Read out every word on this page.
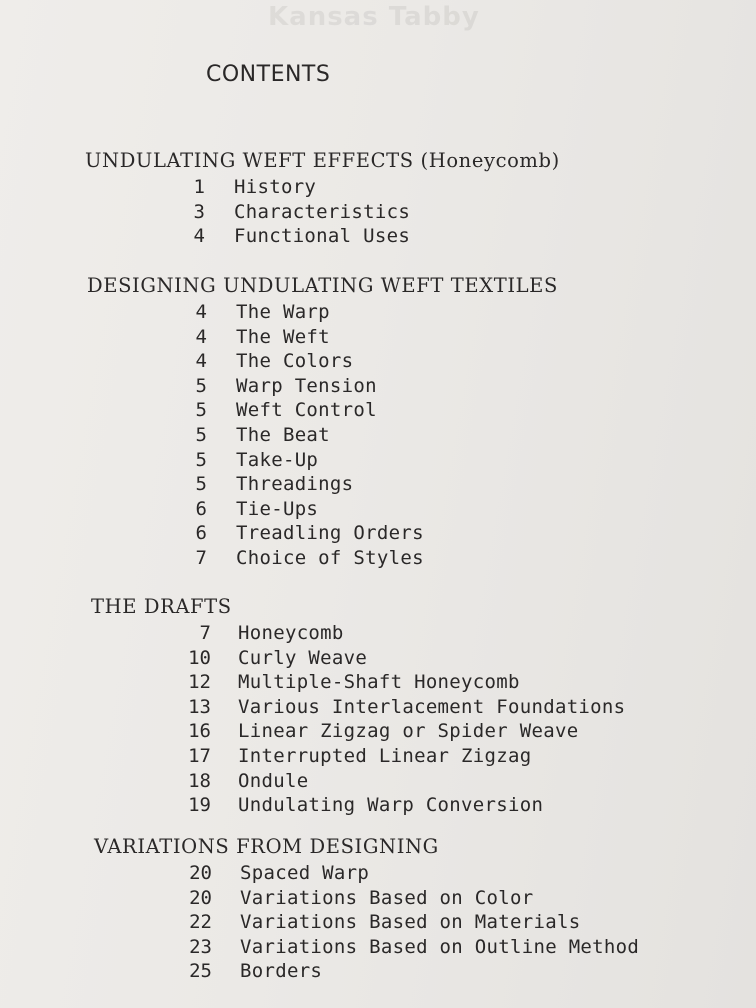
Kansas Tabby
CONTENTS
UNDULATING WEFT EFFECTS (Honeycomb)
1 History
3 Characteristics
4 Functional Uses
DESIGNING UNDULATING WEFT TEXTILES
4 The Warp
4 The Weft
4 The Colors
5 Warp Tension
5 Weft Control
5 The Beat
5 Take-Up
5 Threadings
6 Tie-Ups
6 Treadling Orders
7 Choice of Styles
THE DRAFTS
7 Honeycomb
10 Curly Weave
12 Multiple-Shaft Honeycomb
13 Various Interlacement Foundations
16 Linear Zigzag or Spider Weave
17 Interrupted Linear Zigzag
18 Ondule
19 Undulating Warp Conversion
VARIATIONS FROM DESIGNING
20 Spaced Warp
20 Variations Based on Color
22 Variations Based on Materials
23 Variations Based on Outline Method
25 Borders
